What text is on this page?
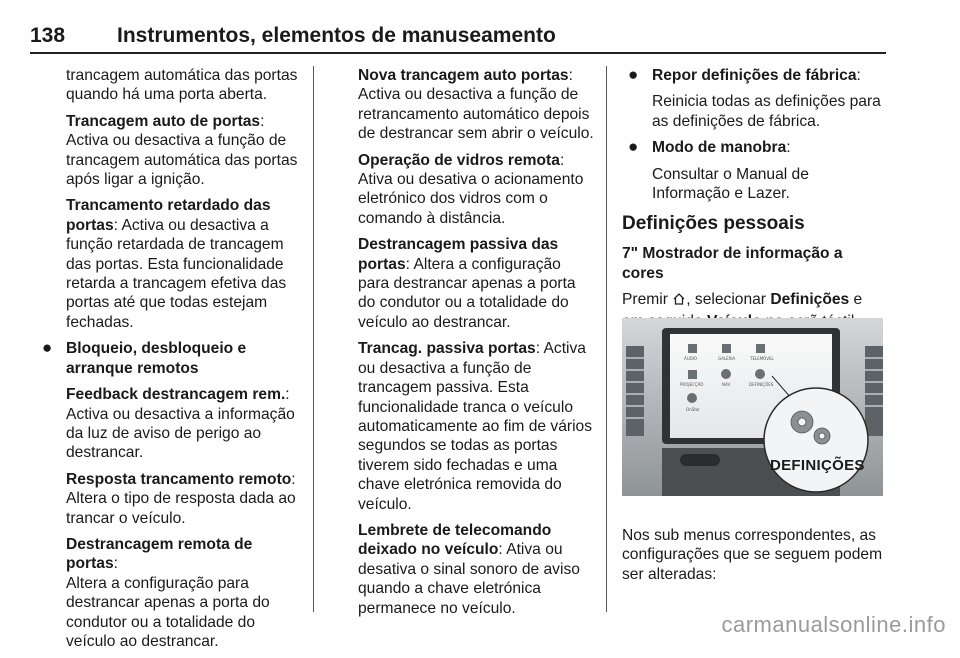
138 Instrumentos, elementos de manuseamento

trancagem automática das portas quando há uma porta aberta.

Trancagem auto de portas:
Activa ou desactiva a função de trancagem automática das portas após ligar a ignição.

Trancamento retardado das portas: Activa ou desactiva a função retardada de trancagem das portas. Esta funcionalidade retarda a trancagem efetiva das portas até que todas estejam fechadas.

● Bloqueio, desbloqueio e arranque remotos

Feedback destrancagem rem.:
Activa ou desactiva a informação da luz de aviso de perigo ao destrancar.

Resposta trancamento remoto:
Altera o tipo de resposta dada ao trancar o veículo.

Destrancagem remota de portas:
Altera a configuração para destrancar apenas a porta do condutor ou a totalidade do veículo ao destrancar.

Nova trancagem auto portas:
Activa ou desactiva a função de retrancamento automático depois de destrancar sem abrir o veículo.

Operação de vidros remota:
Ativa ou desativa o acionamento eletrónico dos vidros com o comando à distância.

Destrancagem passiva das portas: Altera a configuração para destrancar apenas a porta do condutor ou a totalidade do veículo ao destrancar.

Trancag. passiva portas: Activa ou desactiva a função de trancagem passiva. Esta funcionalidade tranca o veículo automaticamente ao fim de vários segundos se todas as portas tiverem sido fechadas e uma chave eletrónica removida do veículo.

Lembrete de telecomando deixado no veículo: Ativa ou desativa o sinal sonoro de aviso quando a chave eletrónica permanece no veículo.

● Repor definições de fábrica:

Reinicia todas as definições para as definições de fábrica.

● Modo de manobra:

Consultar o Manual de Informação e Lazer.

Definições pessoais

7" Mostrador de informação a cores

Premir , selecionar Definições e

ÁUDIO	GALERIA	TELEMÓVEL
PROJECÇÃO	NAV	DEFINIÇÕES
OnStar
DEFINIÇÕES

Nos sub menus correspondentes, as configurações que se seguem podem ser alteradas:

carmanualsonline.info
